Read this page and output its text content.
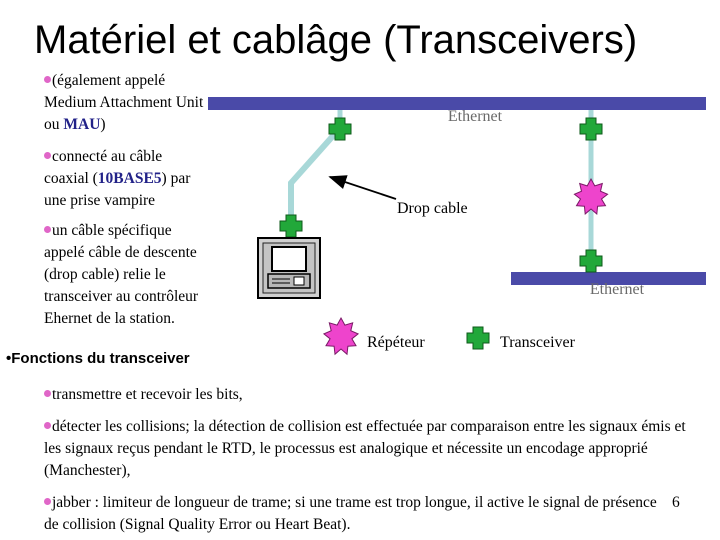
Matériel et cablâge (Transceivers)
(également appelé Medium Attachment Unit ou MAU)
connecté au câble coaxial (10BASE5) par une prise vampire
un câble spécifique appelé câble de descente (drop cable) relie le transceiver au contrôleur Ehernet de la station.
•Fonctions du transceiver
transmettre et recevoir les bits,
détecter les collisions; la détection de collision est effectuée par comparaison entre les signaux émis et les signaux reçus pendant le RTD, le processus est analogique et nécessite un encodage approprié (Manchester),
jabber : limiteur de longueur de trame; si une trame est trop longue, il active le signal de présence de collision (Signal Quality Error ou Heart Beat).
6
Ethernet
Ethernet
Drop cable
Répéteur	Transceiver
